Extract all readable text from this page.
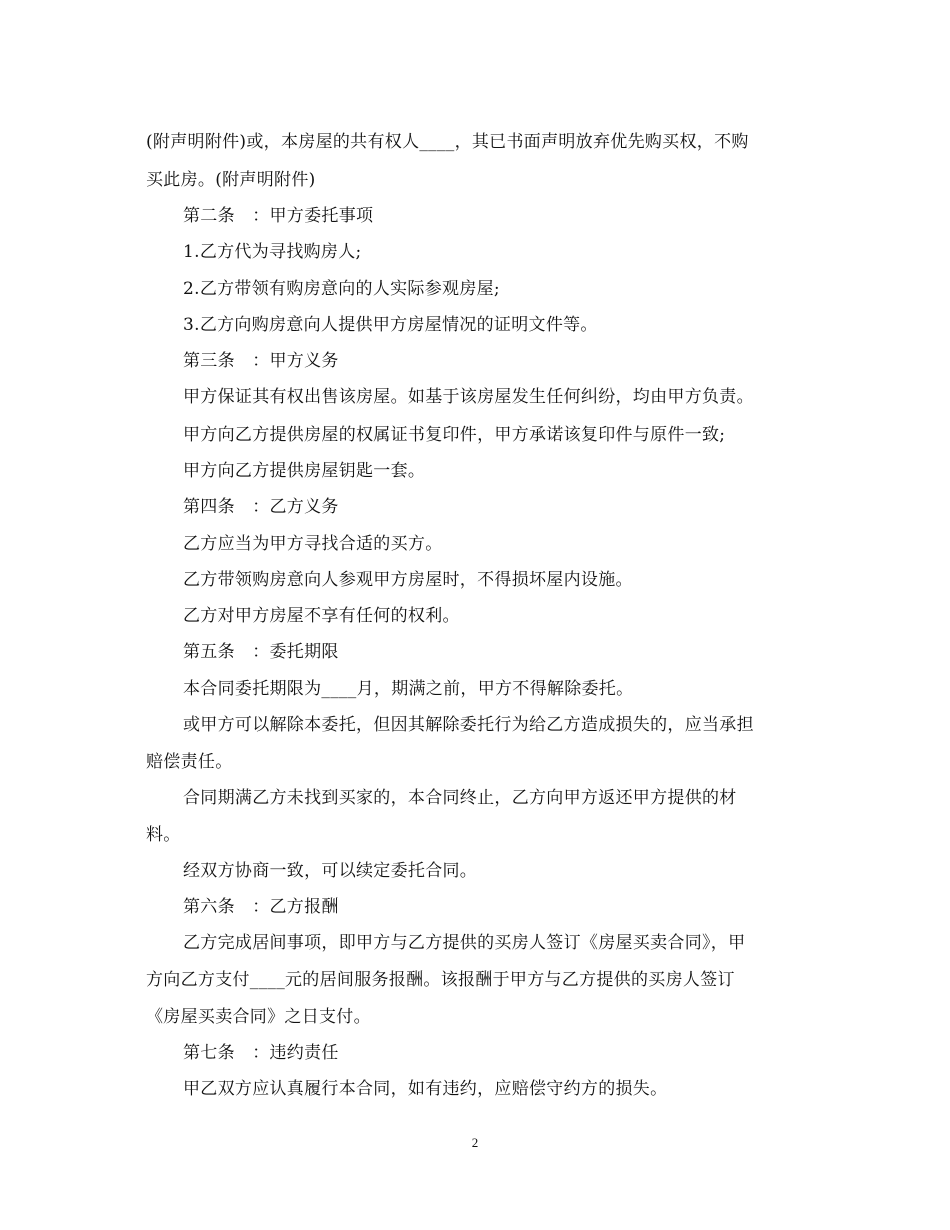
(附声明附件)或，本房屋的共有权人____，其已书面声明放弃优先购买权，不购
买此房。(附声明附件)
第二条　：甲方委托事项
1.乙方代为寻找购房人;
2.乙方带领有购房意向的人实际参观房屋;
3.乙方向购房意向人提供甲方房屋情况的证明文件等。
第三条　：甲方义务
甲方保证其有权出售该房屋。如基于该房屋发生任何纠纷，均由甲方负责。
甲方向乙方提供房屋的权属证书复印件，甲方承诺该复印件与原件一致;
甲方向乙方提供房屋钥匙一套。
第四条　：乙方义务
乙方应当为甲方寻找合适的买方。
乙方带领购房意向人参观甲方房屋时，不得损坏屋内设施。
乙方对甲方房屋不享有任何的权利。
第五条　：委托期限
本合同委托期限为____月，期满之前，甲方不得解除委托。
或甲方可以解除本委托，但因其解除委托行为给乙方造成损失的，应当承担
赔偿责任。
合同期满乙方未找到买家的，本合同终止，乙方向甲方返还甲方提供的材
料。
经双方协商一致，可以续定委托合同。
第六条　：乙方报酬
乙方完成居间事项，即甲方与乙方提供的买房人签订《房屋买卖合同》，甲
方向乙方支付____元的居间服务报酬。该报酬于甲方与乙方提供的买房人签订
《房屋买卖合同》之日支付。
第七条　：违约责任
甲乙双方应认真履行本合同，如有违约，应赔偿守约方的损失。
2
